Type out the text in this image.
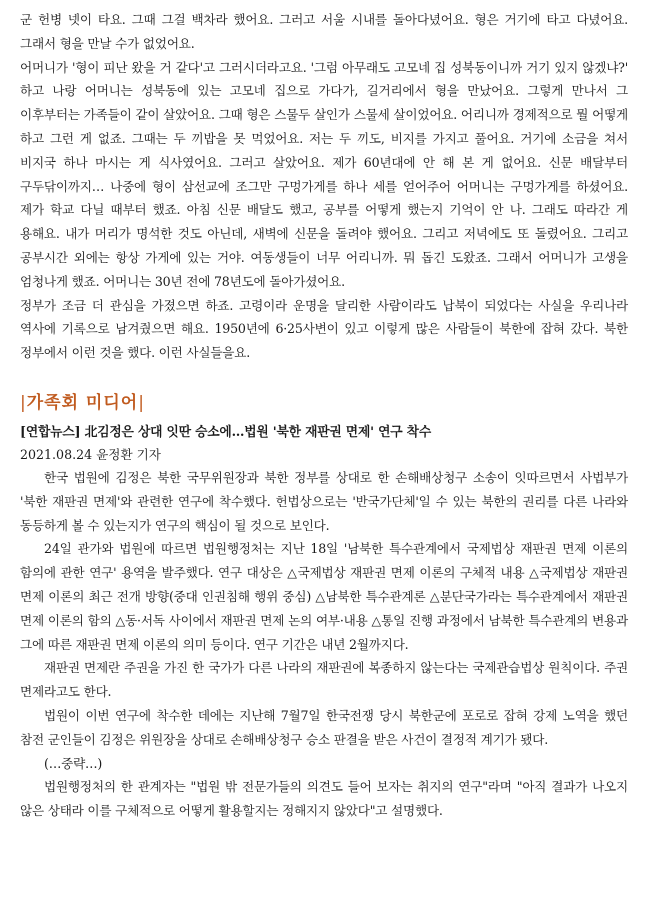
군 헌병 넷이 타요. 그때 그걸 백차라 했어요. 그러고 서울 시내를 돌아다녔어요. 형은 거기에 타고 다녔어요. 그래서 형을 만날 수가 없었어요.

어머니가 '형이 피난 왔을 거 같다'고 그러시더라고요. '그럼 아무래도 고모네 집 성북동이니까 거기 있지 않겠냐?' 하고 나랑 어머니는 성북동에 있는 고모네 집으로 가다가, 길거리에서 형을 만났어요. 그렇게 만나서 그 이후부터는 가족들이 같이 살았어요. 그때 형은 스물두 살인가 스물세 살이었어요. 어리니까 경제적으로 뭘 어떻게 하고 그런 게 없죠. 그때는 두 끼밥을 못 먹었어요. 저는 두 끼도, 비지를 가지고 풀어요. 거기에 소금을 쳐서 비지국 하나 마시는 게 식사였어요. 그러고 살았어요. 제가 60년대에 안 해 본 게 없어요. 신문 배달부터 구두닦이까지… 나중에 형이 삼선교에 조그만 구멍가게를 하나 세를 얻어주어 어머니는 구멍가게를 하셨어요. 제가 학교 다닐 때부터 했죠. 아침 신문 배달도 했고, 공부를 어떻게 했는지 기억이 안 나. 그래도 따라간 게 용해요. 내가 머리가 명석한 것도 아닌데, 새벽에 신문을 돌려야 했어요. 그리고 저녁에도 또 돌렸어요. 그리고 공부시간 외에는 항상 가게에 있는 거야. 여동생들이 너무 어리니까. 뭐 돕긴 도왔죠. 그래서 어머니가 고생을 엄청나게 했죠. 어머니는 30년 전에 78년도에 돌아가셨어요.

정부가 조금 더 관심을 가졌으면 하죠. 고령이라 운명을 달리한 사람이라도 납북이 되었다는 사실을 우리나라 역사에 기록으로 남겨줬으면 해요. 1950년에 6·25사변이 있고 이렇게 많은 사람들이 북한에 잡혀 갔다. 북한 정부에서 이런 것을 했다. 이런 사실들을요.

|가족회 미디어|

[연합뉴스] 北김정은 상대 잇딴 승소에…법원 '북한 재판권 면제' 연구 착수

2021.08.24 윤정환 기자

한국 법원에 김정은 북한 국무위원장과 북한 정부를 상대로 한 손해배상청구 소송이 잇따르면서 사법부가 '북한 재판권 면제'와 관련한 연구에 착수했다. 헌법상으로는 '반국가단체'일 수 있는 북한의 권리를 다른 나라와 동등하게 볼 수 있는지가 연구의 핵심이 될 것으로 보인다.

24일 관가와 법원에 따르면 법원행정처는 지난 18일 '남북한 특수관계에서 국제법상 재판권 면제 이론의 함의에 관한 연구' 용역을 발주했다. 연구 대상은 △국제법상 재판권 면제 이론의 구체적 내용 △국제법상 재판권 면제 이론의 최근 전개 방향(중대 인권침해 행위 중심) △남북한 특수관계론 △분단국가라는 특수관계에서 재판권 면제 이론의 함의 △동·서독 사이에서 재판권 면제 논의 여부·내용 △통일 진행 과정에서 남북한 특수관계의 변용과 그에 따른 재판권 면제 이론의 의미 등이다. 연구 기간은 내년 2월까지다.

재판권 면제란 주권을 가진 한 국가가 다른 나라의 재판권에 복종하지 않는다는 국제관습법상 원칙이다. 주권 면제라고도 한다.

법원이 이번 연구에 착수한 데에는 지난해 7월7일 한국전쟁 당시 북한군에 포로로 잡혀 강제 노역을 했던 참전 군인들이 김정은 위원장을 상대로 손해배상청구 승소 판결을 받은 사건이 결정적 계기가 됐다.

(…중략…)

법원행정처의 한 관계자는 "법원 밖 전문가들의 의견도 들어 보자는 취지의 연구"라며 "아직 결과가 나오지 않은 상태라 이를 구체적으로 어떻게 활용할지는 정해지지 않았다"고 설명했다.
